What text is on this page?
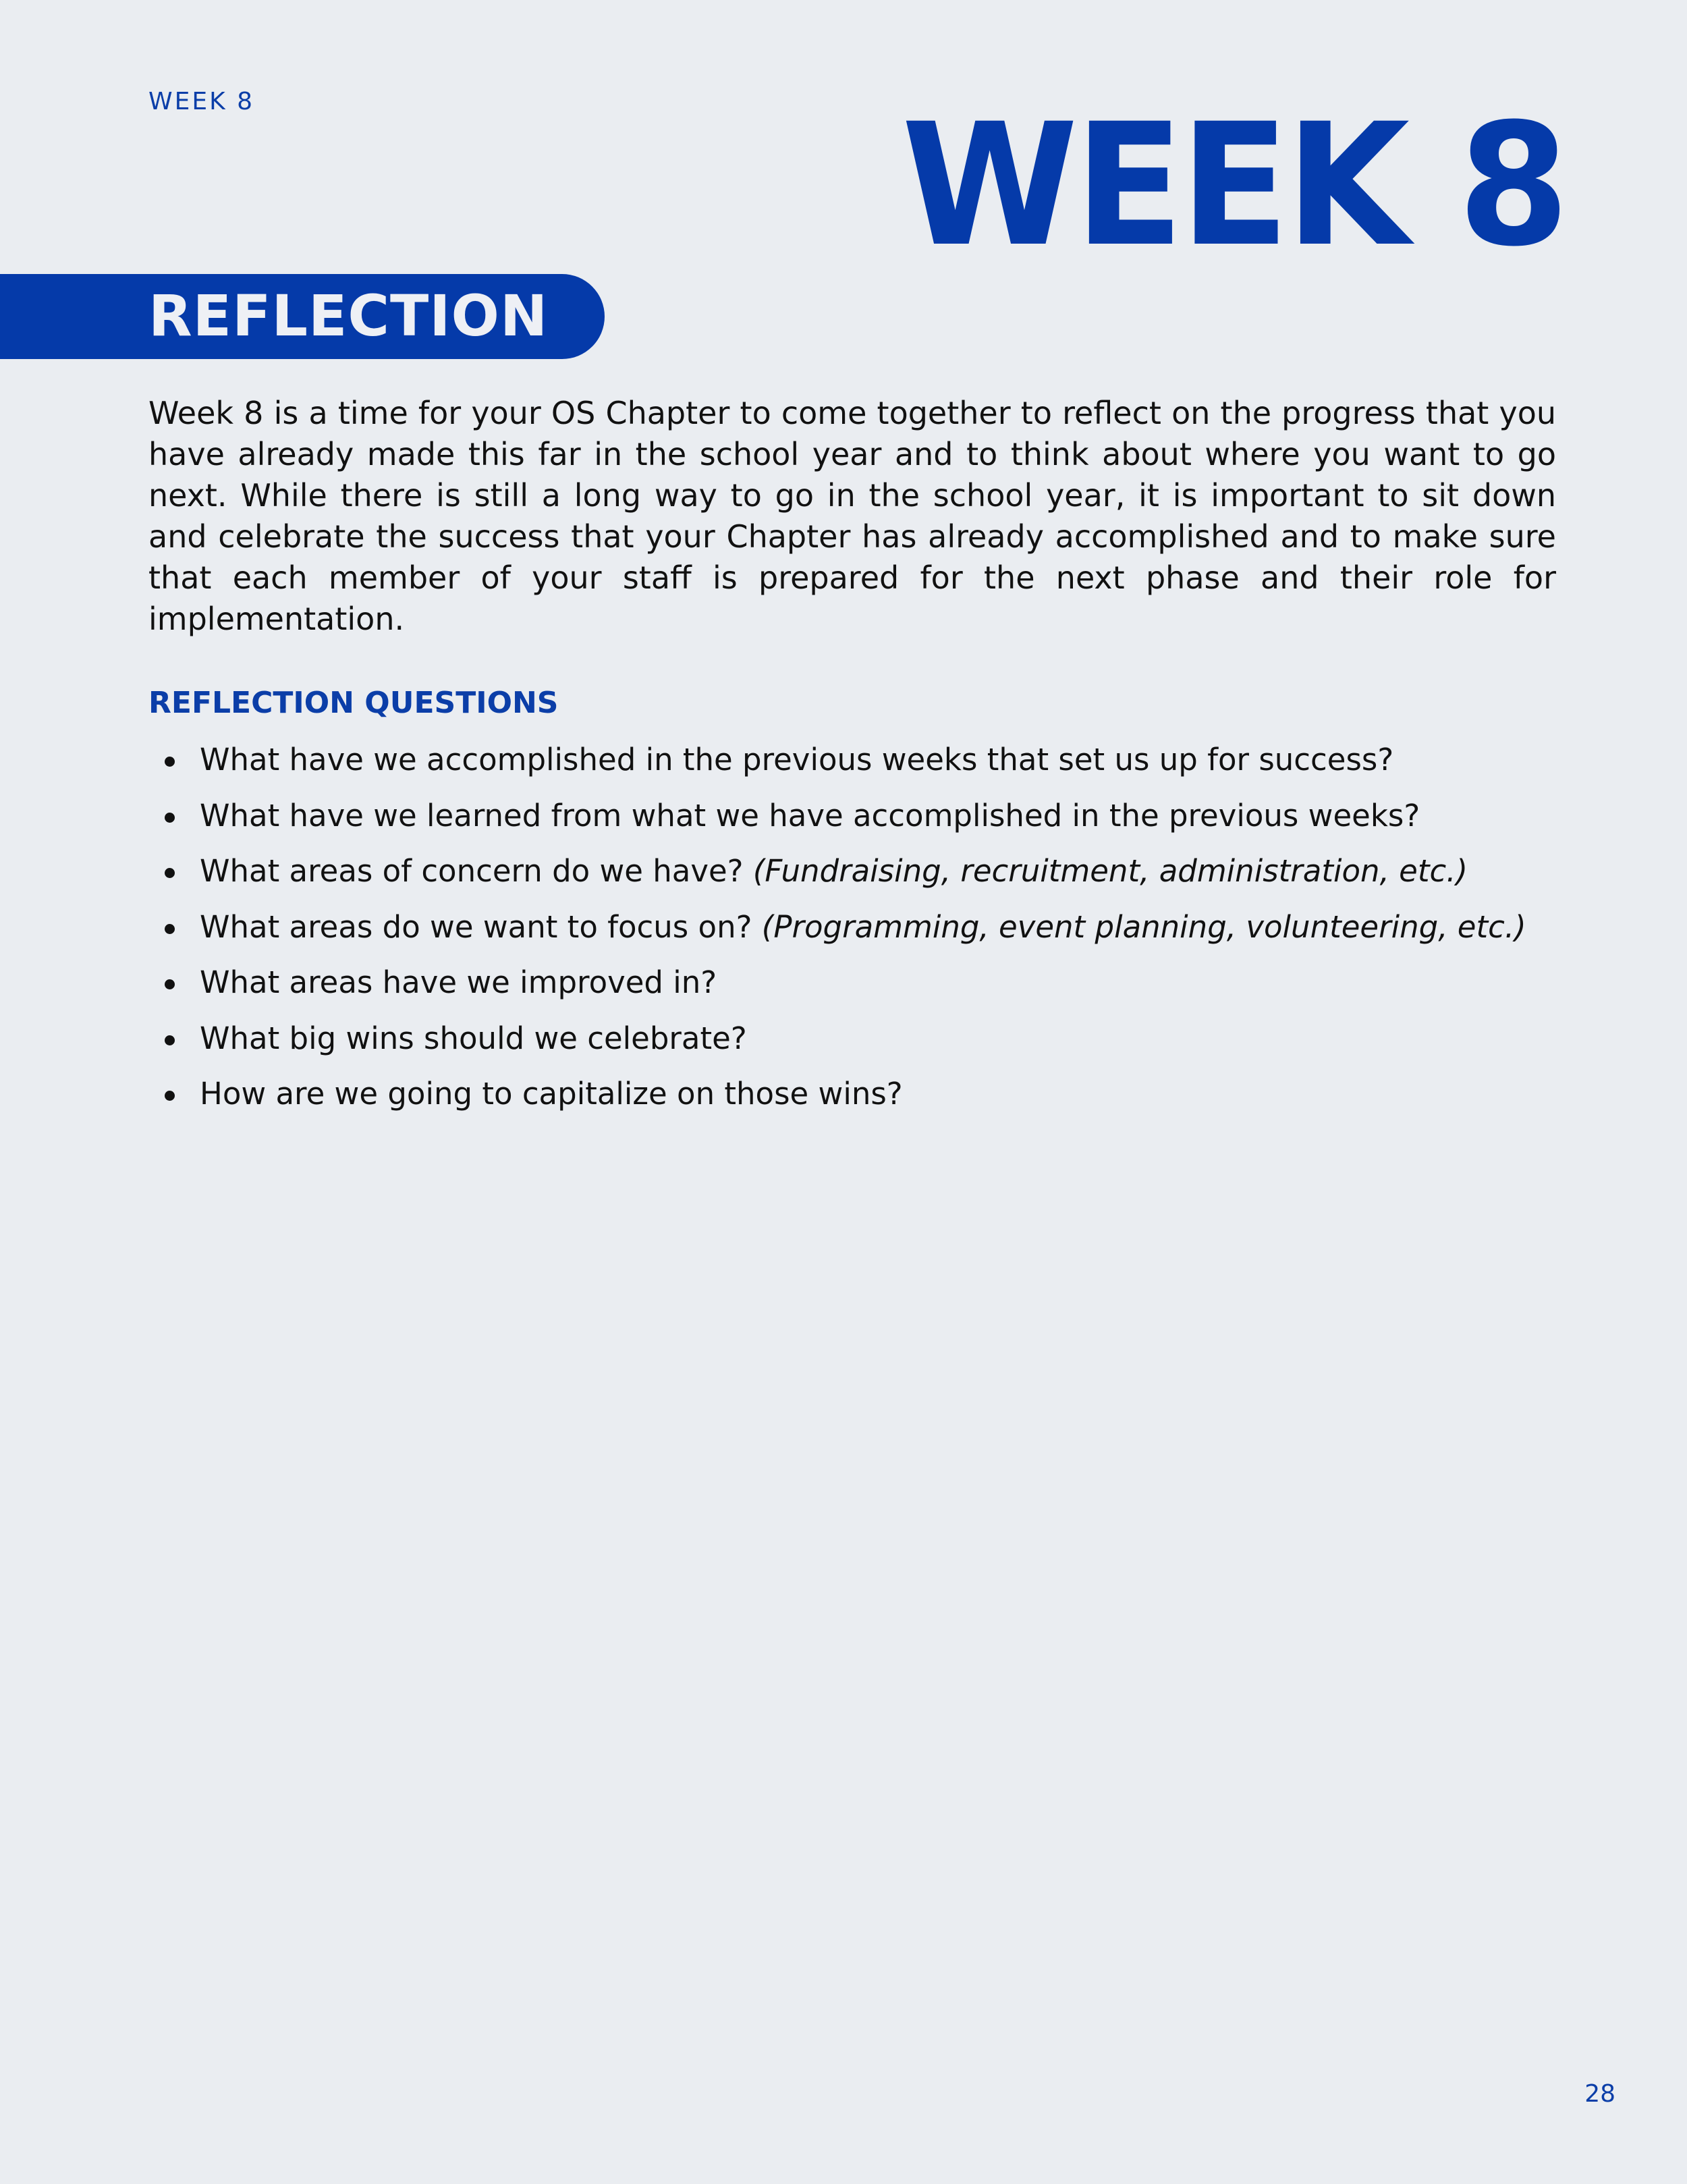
WEEK 8	WEEK 8
REFLECTION

Week 8 is a time for your OS Chapter to come together to reflect on the progress that you have already made this far in the school year and to think about where you want to go next. While there is still a long way to go in the school year, it is important to sit down and celebrate the success that your Chapter has already accomplished and to make sure that each member of your staff is prepared for the next phase and their role for implementation.

REFLECTION QUESTIONS
What have we accomplished in the previous weeks that set us up for success?
What have we learned from what we have accomplished in the previous weeks?
What areas of concern do we have? (Fundraising, recruitment, administration, etc.)
What areas do we want to focus on? (Programming, event planning, volunteering, etc.)
What areas have we improved in?
What big wins should we celebrate?
How are we going to capitalize on those wins?
28
